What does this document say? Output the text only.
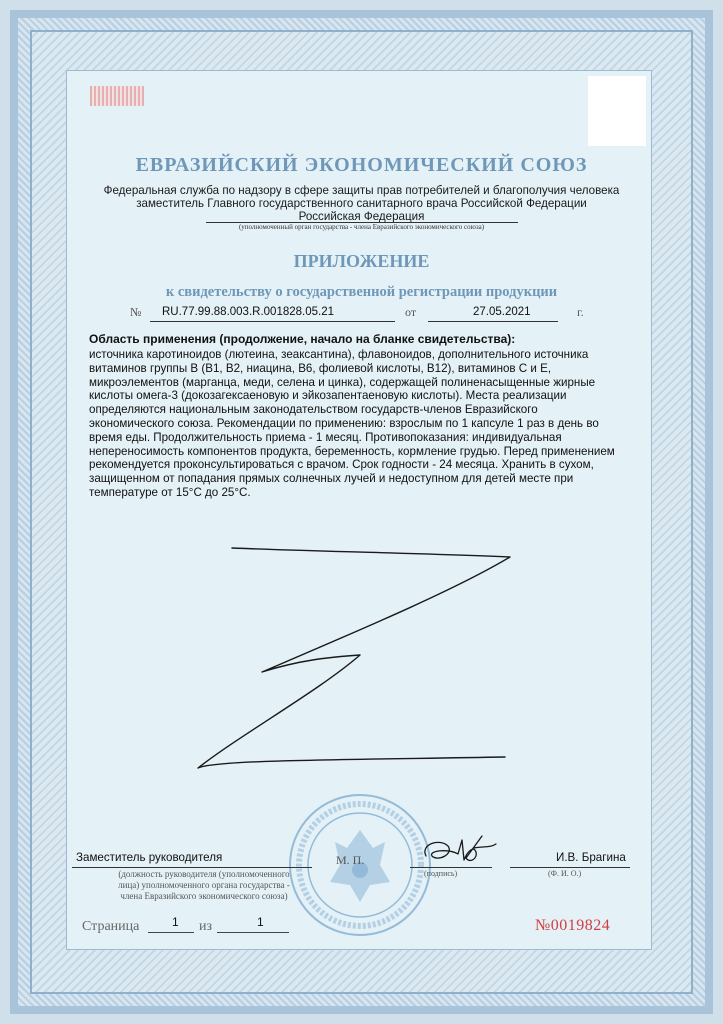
ЕВРАЗИЙСКИЙ ЭКОНОМИЧЕСКИЙ СОЮЗ
Федеральная служба по надзору в сфере защиты прав потребителей и благополучия человека
заместитель Главного государственного санитарного врача Российской Федерации
Российская Федерация
(уполномоченный орган государства - члена Евразийского экономического союза)
ПРИЛОЖЕНИЕ
к свидетельству о государственной регистрации продукции
№ RU.77.99.88.003.R.001828.05.21	от	27.05.2021	г.
Область применения (продолжение, начало на бланке свидетельства):

источника каротиноидов (лютеина, зеаксантина), флавоноидов, дополнительного источника витаминов группы В (В1, В2, ниацина, В6, фолиевой кислоты, В12), витаминов С и Е, микроэлементов (марганца, меди, селена и цинка), содержащей полиненасыщенные жирные кислоты омега-3 (докозагексаеновую и эйкозапентаеновую кислоты). Места реализации определяются национальным законодательством государств-членов Евразийского экономического союза. Рекомендации по применению: взрослым по 1 капсуле 1 раз в день во время еды. Продолжительность приема - 1 месяц. Противопоказания: индивидуальная непереносимость компонентов продукта, беременность, кормление грудью. Перед применением рекомендуется проконсультироваться с врачом. Срок годности - 24 месяца. Хранить в сухом, защищенном от попадания прямых солнечных лучей и недоступном для детей месте при температуре от 15°С до 25°С.

Заместитель руководителя	И.В. Брагина
(должность руководителя (уполномоченного
лица) уполномоченного органа государства -
члена Евразийского экономического союза)
М. П.
(подпись)	(Ф. И. О.)
Страница	1 из	1	№0019824
